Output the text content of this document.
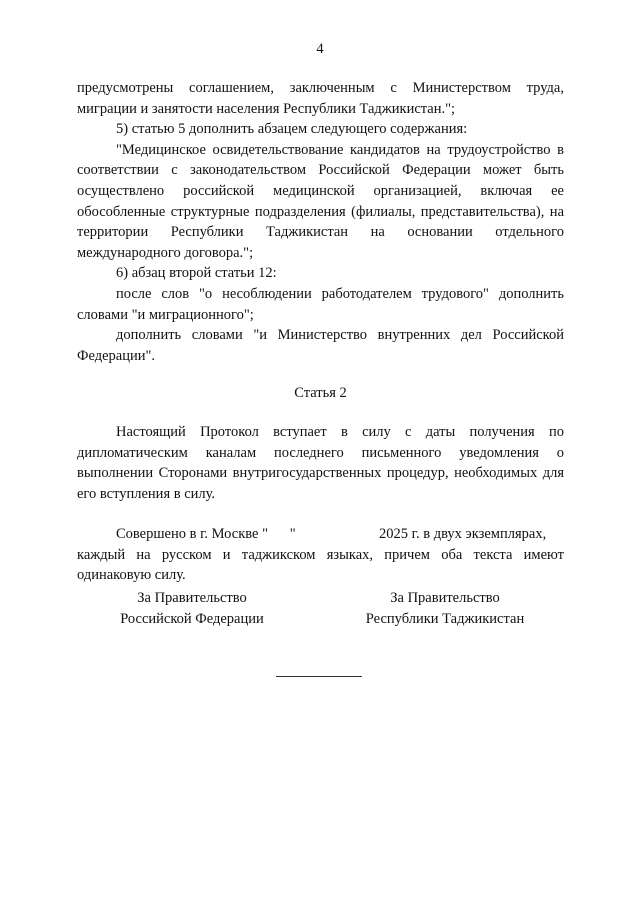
4

предусмотрены соглашением, заключенным с Министерством труда, миграции и занятости населения Республики Таджикистан.";

5) статью 5 дополнить абзацем следующего содержания:

"Медицинское освидетельствование кандидатов на трудоустройство в соответствии с законодательством Российской Федерации может быть осуществлено российской медицинской организацией, включая ее обособленные структурные подразделения (филиалы, представительства), на территории Республики Таджикистан на основании отдельного международного договора.";

6) абзац второй статьи 12:

после слов "о несоблюдении работодателем трудового" дополнить словами "и миграционного";

дополнить словами "и Министерство внутренних дел Российской Федерации".

Статья 2

Настоящий Протокол вступает в силу с даты получения по дипломатическим каналам последнего письменного уведомления о выполнении Сторонами внутригосударственных процедур, необходимых для его вступления в силу.

Совершено в г. Москве "      "                       2025 г. в двух экземплярах,

каждый на русском и таджикском языках, причем оба текста имеют одинаковую силу.

За Правительство
Российской Федерации
За Правительство
Республики Таджикистан
